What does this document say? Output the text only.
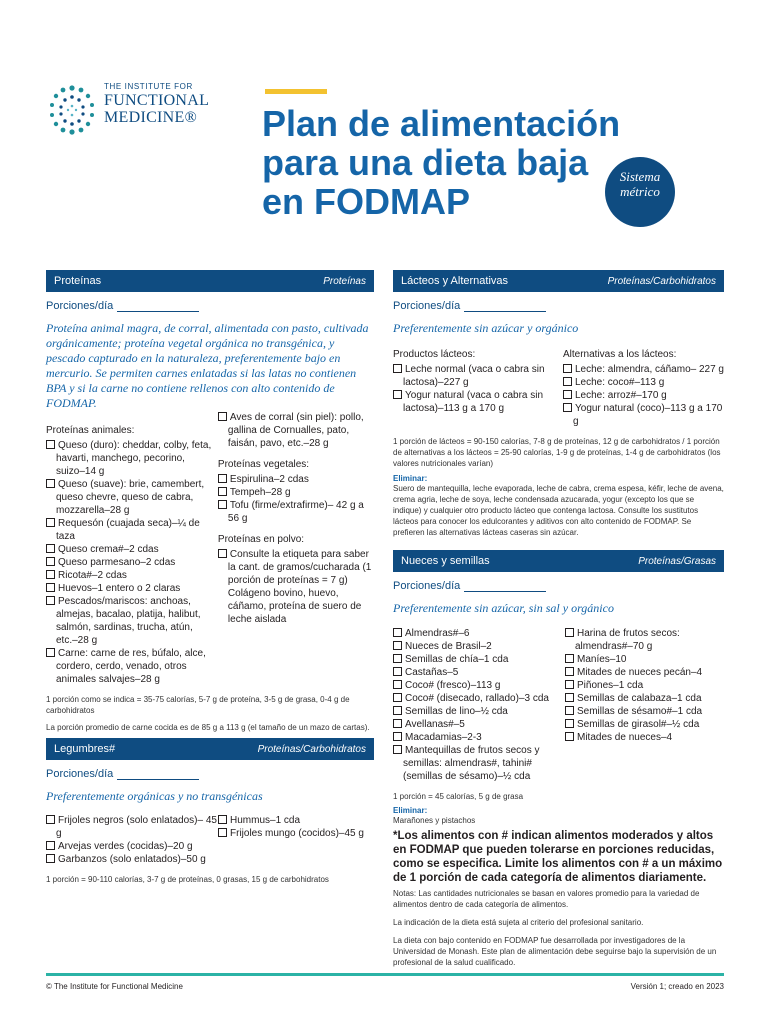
THE INSTITUTE FOR
FUNCTIONAL
MEDICINE® Plan de alimentación para una dieta baja en FODMAP
Sistema métrico
Proteínas	Proteínas
Porciones/día
Proteína animal magra, de corral, alimentada con pasto, cultivada orgánicamente; proteína vegetal orgánica no transgénica, y pescado capturado en la naturaleza, preferentemente bajo en mercurio. Se permiten carnes enlatadas si las latas no contienen BPA y si la carne no contiene rellenos con alto contenido de FODMAP.
Proteínas animales:
Queso (duro): cheddar, colby, feta, havarti, manchego, pecorino, suizo–14 g
Queso (suave): brie, camembert, queso chevre, queso de cabra, mozzarella–28 g
Requesón (cuajada seca)–¼ de taza
Queso crema#–2 cdas
Queso parmesano–2 cdas
Ricota#–2 cdas
Huevos–1 entero o 2 claras
Pescados/mariscos: anchoas, almejas, bacalao, platija, halibut, salmón, sardinas, trucha, atún, etc.–28 g
Carne: carne de res, búfalo, alce, cordero, cerdo, venado, otros animales salvajes–28 g
Aves de corral (sin piel): pollo, gallina de Cornualles, pato, faisán, pavo, etc.–28 g
Proteínas vegetales:
Espirulina–2 cdas
Tempeh–28 g
Tofu (firme/extrafirme)– 42 g a 56 g
Proteínas en polvo:
Consulte la etiqueta para saber la cant. de gramos/cucharada (1 porción de proteínas = 7 g) Colágeno bovino, huevo, cáñamo, proteína de suero de leche aislada
1 porción como se indica = 35-75 calorías, 5-7 g de proteína, 3-5 g de grasa, 0-4 g de carbohidratos
La porción promedio de carne cocida es de 85 g a 113 g (el tamaño de un mazo de cartas).
Legumbres#	Proteínas/Carbohidratos
Porciones/día
Preferentemente orgánicas y no transgénicas
Frijoles negros (solo enlatados)– 45 g
Arvejas verdes (cocidas)–20 g
Garbanzos (solo enlatados)–50 g
Hummus–1 cda
Frijoles mungo (cocidos)–45 g
1 porción = 90-110 calorías, 3-7 g de proteínas, 0 grasas, 15 g de carbohidratos
Lácteos y Alternativas	Proteínas/Carbohidratos
Porciones/día
Preferentemente sin azúcar y orgánico
Productos lácteos:
Leche normal (vaca o cabra sin lactosa)–227 g
Yogur natural (vaca o cabra sin lactosa)–113 g a 170 g
Alternativas a los lácteos:
Leche: almendra, cáñamo– 227 g
Leche: coco#–113 g
Leche: arroz#–170 g
Yogur natural (coco)–113 g a 170 g
1 porción de lácteos = 90-150 calorías, 7-8 g de proteínas, 12 g de carbohidratos / 1 porción de alternativas a los lácteos = 25-90 calorías, 1-9 g de proteínas, 1-4 g de carbohidratos (los valores nutricionales varían)
Eliminar:
Suero de mantequilla, leche evaporada, leche de cabra, crema espesa, kéfir, leche de avena, crema agria, leche de soya, leche condensada azucarada, yogur (excepto los que se indique) y cualquier otro producto lácteo que contenga lactosa. Consulte los sustitutos lácteos para conocer los edulcorantes y aditivos con alto contenido de FODMAP. Se prefieren las alternativas lácteas caseras sin azúcar.
Nueces y semillas	Proteínas/Grasas
Porciones/día
Preferentemente sin azúcar, sin sal y orgánico
Almendras#–6
Nueces de Brasil–2
Semillas de chía–1 cda
Castañas–5
Coco# (fresco)–113 g
Coco# (disecado, rallado)–3 cda
Semillas de lino–½ cda
Avellanas#–5
Macadamias–2-3
Mantequillas de frutos secos y semillas: almendras#, tahini# (semillas de sésamo)–½ cda
Harina de frutos secos: almendras#–70 g
Maníes–10
Mitades de nueces pecán–4
Piñones–1 cda
Semillas de calabaza–1 cda
Semillas de sésamo#–1 cda
Semillas de girasol#–½ cda
Mitades de nueces–4
1 porción = 45 calorías, 5 g de grasa
Eliminar:
Marañones y pistachos
*Los alimentos con # indican alimentos moderados y altos en FODMAP que pueden tolerarse en porciones reducidas, como se especifica. Limite los alimentos con # a un máximo de 1 porción de cada categoría de alimentos diariamente.

Notas: Las cantidades nutricionales se basan en valores promedio para la variedad de alimentos dentro de cada categoría de alimentos.

La indicación de la dieta está sujeta al criterio del profesional sanitario.

La dieta con bajo contenido en FODMAP fue desarrollada por investigadores de la Universidad de Monash. Este plan de alimentación debe seguirse bajo la supervisión de un profesional de la salud cualificado.

© The Institute for Functional Medicine	Versión 1; creado en 2023
